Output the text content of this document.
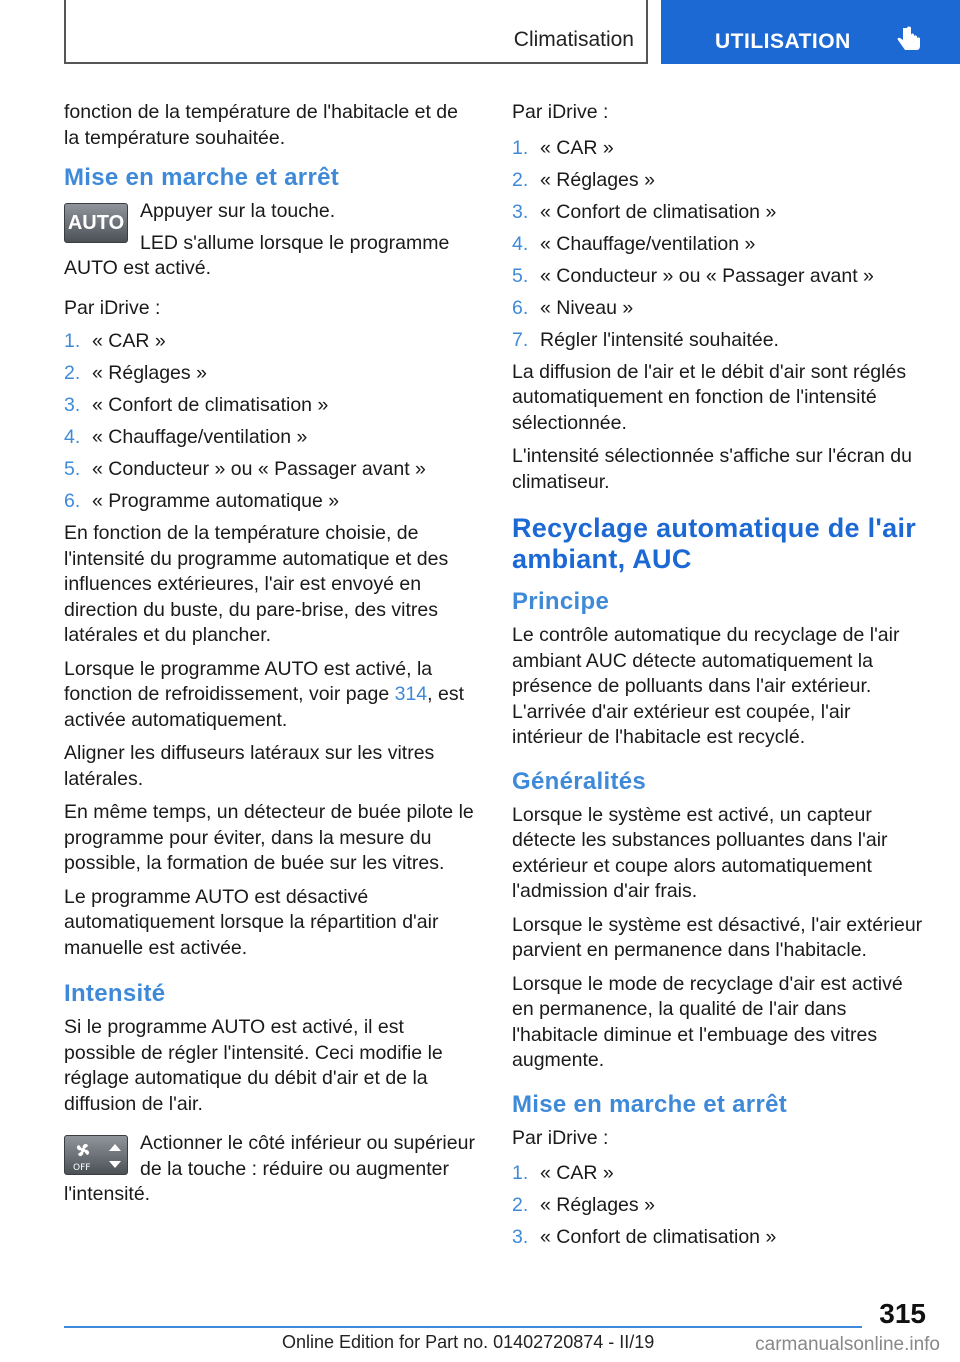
Climatisation	UTILISATION

fonction de la température de l'habitacle et de la température souhaitée.

Mise en marche et arrêt
AUTO

Appuyer sur la touche.

LED s'allume lorsque le programme AUTO est activé.

Par iDrive :

1. « CAR »
2. « Réglages »
3. « Confort de climatisation »
4. « Chauffage/ventilation »
5. « Conducteur » ou « Passager avant »
6. « Programme automatique »

En fonction de la température choisie, de l'intensité du programme automatique et des influences extérieures, l'air est envoyé en direction du buste, du pare-brise, des vitres latérales et du plancher.

Lorsque le programme AUTO est activé, la fonction de refroidissement, voir page 314, est activée automatiquement.

Aligner les diffuseurs latéraux sur les vitres latérales.

En même temps, un détecteur de buée pilote le programme pour éviter, dans la mesure du possible, la formation de buée sur les vitres.

Le programme AUTO est désactivé automatiquement lorsque la répartition d'air manuelle est activée.

Intensité

Si le programme AUTO est activé, il est possible de régler l'intensité. Ceci modifie le réglage automatique du débit d'air et de la diffusion de l'air.

OFF

Actionner le côté inférieur ou supérieur de la touche : réduire ou augmenter l'intensité.

Par iDrive :

1. « CAR »
2. « Réglages »
3. « Confort de climatisation »
4. « Chauffage/ventilation »
5. « Conducteur » ou « Passager avant »
6. « Niveau »
7. Régler l'intensité souhaitée.

La diffusion de l'air et le débit d'air sont réglés automatiquement en fonction de l'intensité sélectionnée.

L'intensité sélectionnée s'affiche sur l'écran du climatiseur.

Recyclage automatique de l'air ambiant, AUC
Principe

Le contrôle automatique du recyclage de l'air ambiant AUC détecte automatiquement la présence de polluants dans l'air extérieur. L'arrivée d'air extérieur est coupée, l'air intérieur de l'habitacle est recyclé.

Généralités

Lorsque le système est activé, un capteur détecte les substances polluantes dans l'air extérieur et coupe alors automatiquement l'admission d'air frais.

Lorsque le système est désactivé, l'air extérieur parvient en permanence dans l'habitacle.

Lorsque le mode de recyclage d'air est activé en permanence, la qualité de l'air dans l'habitacle diminue et l'embuage des vitres augmente.

Mise en marche et arrêt

Par iDrive :

1. « CAR »
2. « Réglages »
3. « Confort de climatisation »
315
Online Edition for Part no. 01402720874 - II/19	carmanualsonline.info
